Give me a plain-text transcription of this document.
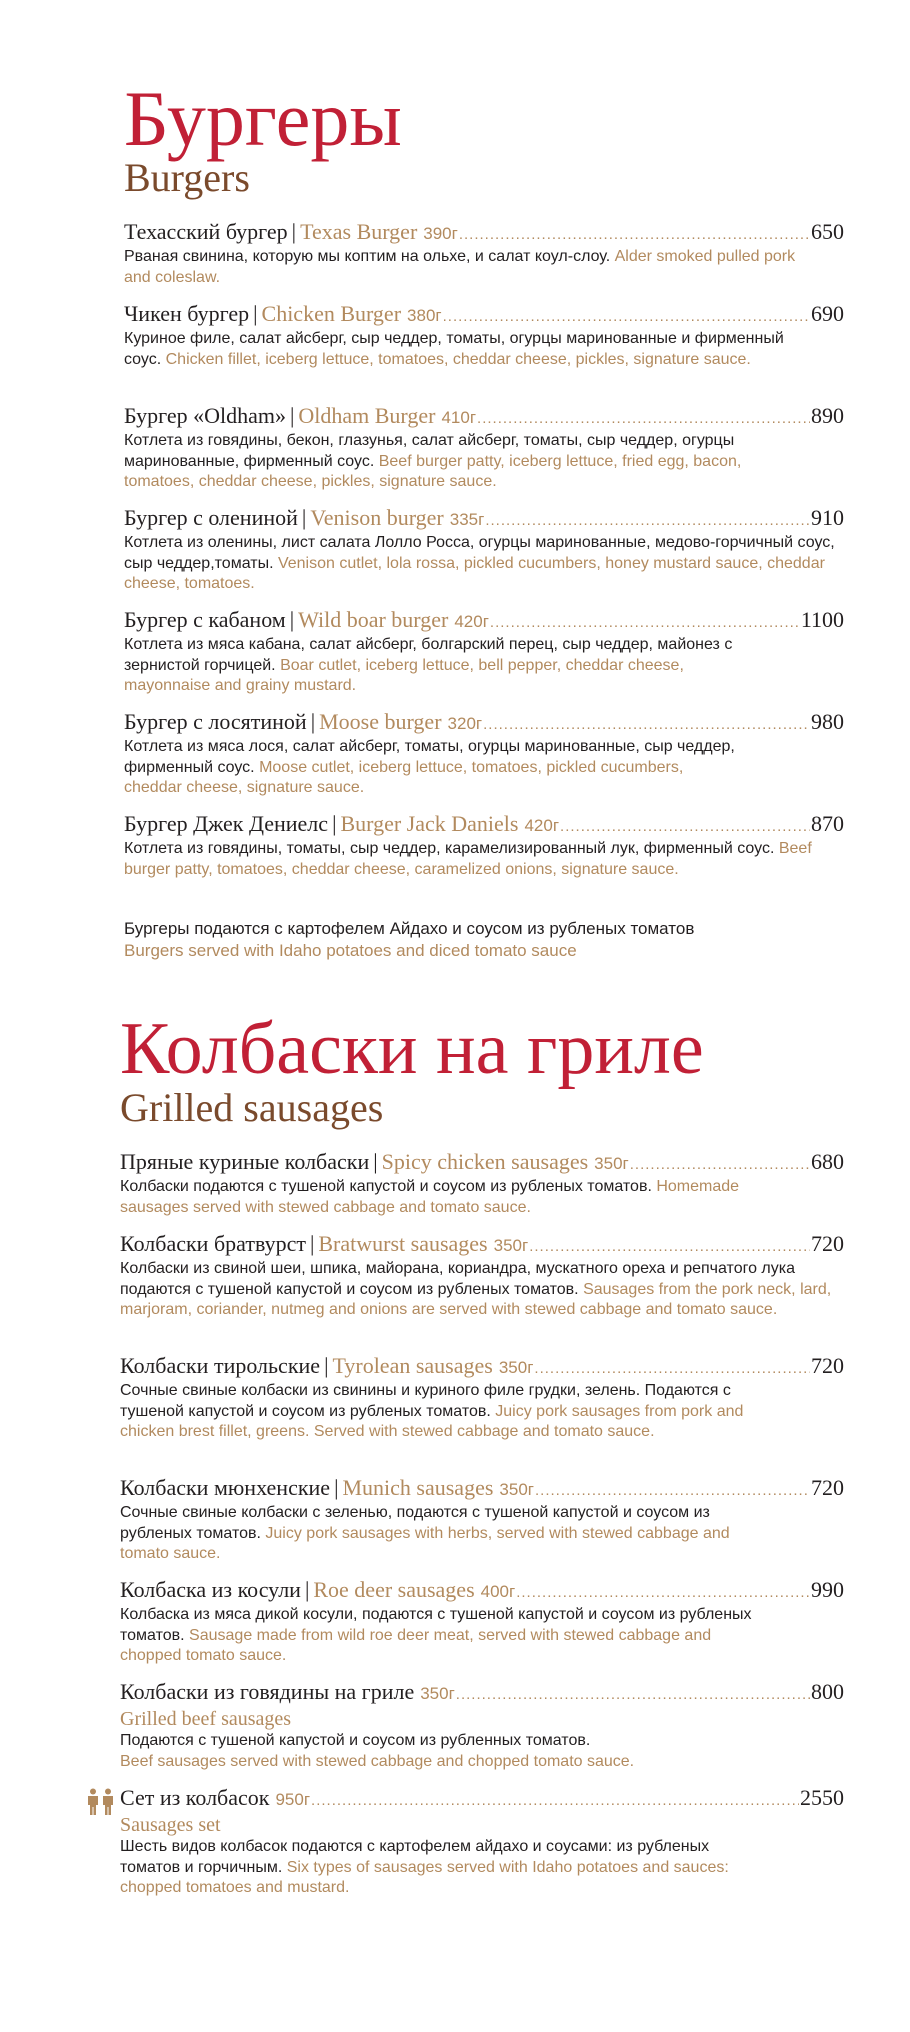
Бургеры
Burgers
Техасский бургер | Texas Burger 390г .....	650
Рваная свинина, которую мы коптим на ольхе, и салат коул-слоу. Alder smoked pulled pork and coleslaw.
Чикен бургер | Chicken Burger 380г .....	690
Куриное филе, салат айсберг, сыр чеддер, томаты, огурцы маринованные и фирменный соус. Chicken fillet, iceberg lettuce, tomatoes, cheddar cheese, pickles, signature sauce.
Бургер «Oldham» | Oldham Burger 410г .....	890
Котлета из говядины, бекон, глазунья, салат айсберг, томаты, сыр чеддер, огурцы маринованные, фирменный соус. Beef burger patty, iceberg lettuce, fried egg, bacon, tomatoes, cheddar cheese, pickles, signature sauce.
Бургер с олениной | Venison burger 335г .....	910
Котлета из оленины, лист салата Лолло Росса, огурцы маринованные, медово-горчичный соус, сыр чеддер,томаты. Venison cutlet, lola rossa, pickled cucumbers, honey mustard sauce, cheddar cheese, tomatoes.
Бургер с кабаном | Wild boar burger 420г .....	1100
Котлета из мяса кабана, салат айсберг, болгарский перец, сыр чеддер, майонез с зернистой горчицей. Boar cutlet, iceberg lettuce, bell pepper, cheddar cheese, mayonnaise and grainy mustard.
Бургер с лосятиной | Moose burger 320г .....	980
Котлета из мяса лося, салат айсберг, томаты, огурцы маринованные, сыр чеддер, фирменный соус. Moose cutlet, iceberg lettuce, tomatoes, pickled cucumbers, cheddar cheese, signature sauce.
Бургер Джек Дениелс | Burger Jack Daniels 420г .....	870
Котлета из говядины, томаты, сыр чеддер, карамелизированный лук, фирменный соус. Beef burger patty, tomatoes, cheddar cheese, caramelized onions, signature sauce.
Бургеры подаются с картофелем Айдахо и соусом из рубленых томатов
Burgers served with Idaho potatoes and diced tomato sauce
Колбаски на гриле
Grilled sausages
Пряные куриные колбаски | Spicy chicken sausages 350г .....	680
Колбаски подаются с тушеной капустой и соусом из рубленых томатов. Homemade sausages served with stewed cabbage and tomato sauce.
Колбаски братвурст | Bratwurst sausages 350г .....	720
Колбаски из свиной шеи, шпика, майорана, кориандра, мускатного ореха и репчатого лука подаются с тушеной капустой и соусом из рубленых томатов. Sausages from the pork neck, lard, marjoram, coriander, nutmeg and onions are served with stewed cabbage and tomato sauce.
Колбаски тирольские | Tyrolean sausages 350г .....	720
Сочные свиные колбаски из свинины и куриного филе грудки, зелень. Подаются с тушеной капустой и соусом из рубленых томатов. Juicy pork sausages from pork and chicken brest fillet, greens. Served with stewed cabbage and tomato sauce.
Колбаски мюнхенские | Munich sausages 350г .....	720
Сочные свиные колбаски с зеленью, подаются с тушеной капустой и соусом из рубленых томатов. Juicy pork sausages with herbs, served with stewed cabbage and tomato sauce.
Колбаска из косули | Roe deer sausages 400г .....	990
Колбаска из мяса дикой косули, подаются с тушеной капустой и соусом из рубленых томатов. Sausage made from wild roe deer meat, served with stewed cabbage and chopped tomato sauce.
Колбаски из говядины на гриле 350г .....	800
Grilled beef sausages
Подаются с тушеной капустой и соусом из рубленных томатов.
Beef sausages served with stewed cabbage and chopped tomato sauce.
Сет из колбасок 950г .....	2550
Sausages set
Шесть видов колбасок подаются с картофелем айдахо и соусами: из рубленых томатов и горчичным. Six types of sausages served with Idaho potatoes and sauces: chopped tomatoes and mustard.
